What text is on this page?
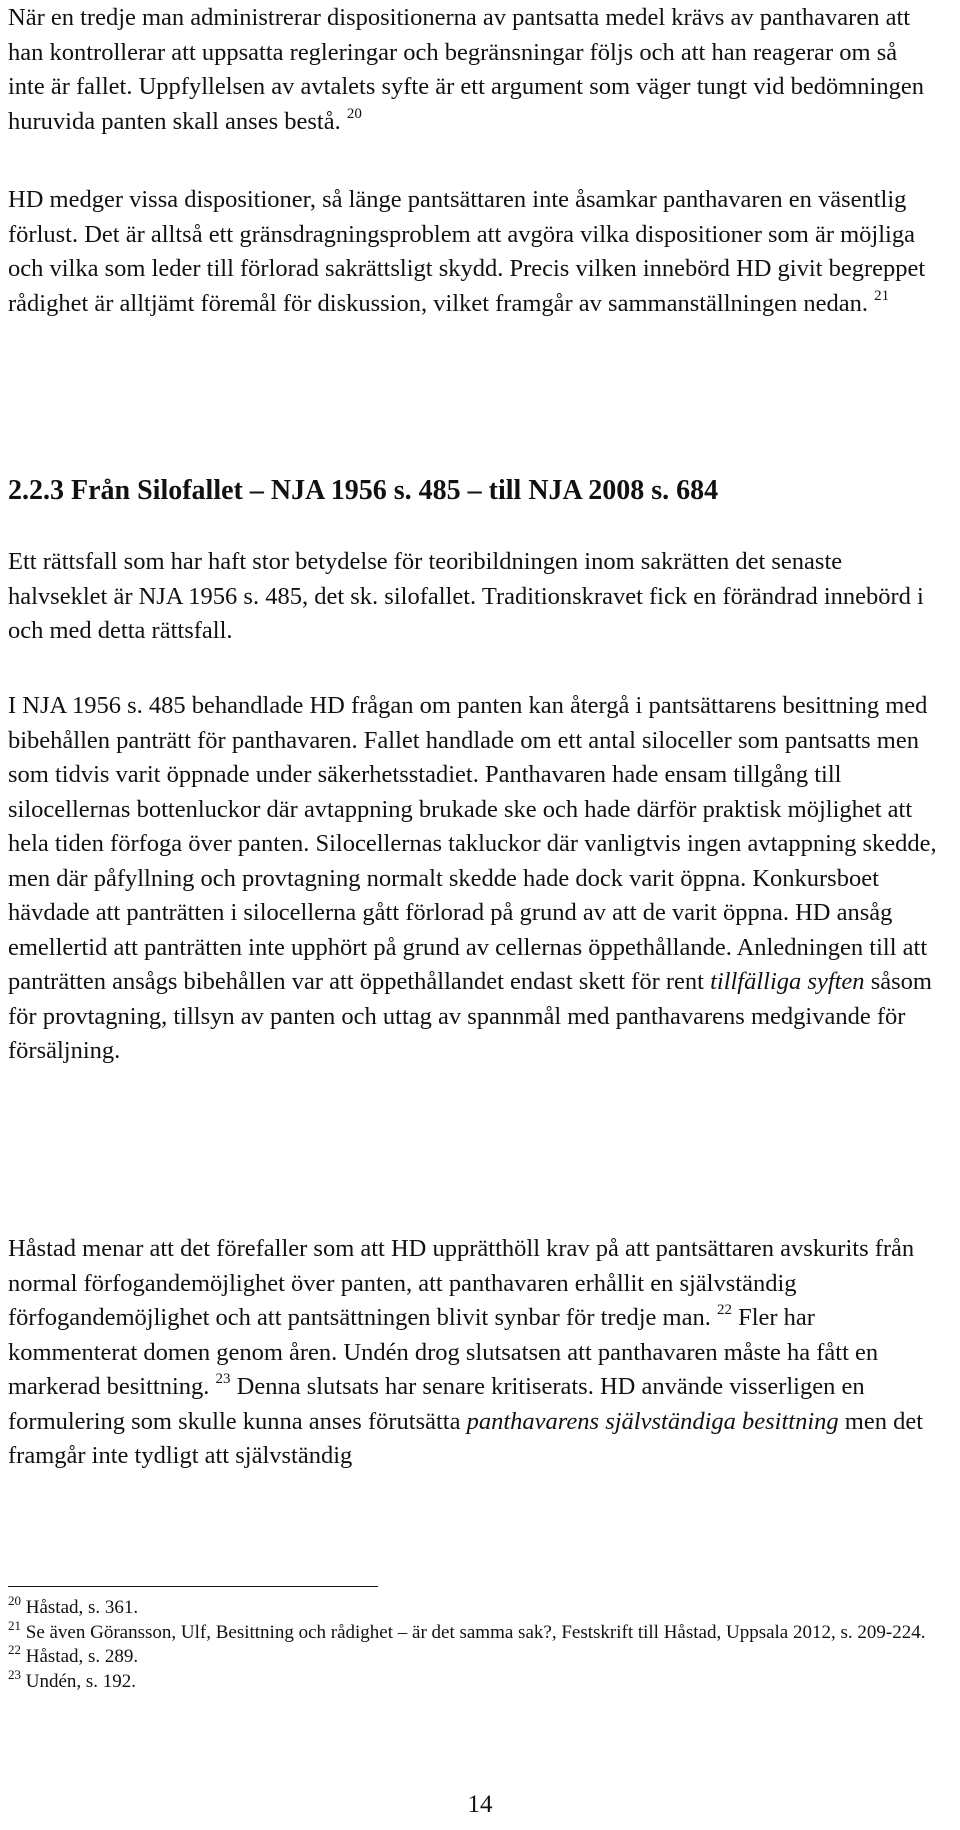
När en tredje man administrerar dispositionerna av pantsatta medel krävs av panthavaren att han kontrollerar att uppsatta regleringar och begränsningar följs och att han reagerar om så inte är fallet. Uppfyllelsen av avtalets syfte är ett argument som väger tungt vid bedömningen huruvida panten skall anses bestå. $^{20}$

HD medger vissa dispositioner, så länge pantsättaren inte åsamkar panthavaren en väsentlig förlust. Det är alltså ett gränsdragningsproblem att avgöra vilka dispositioner som är möjliga och vilka som leder till förlorad sakrättsligt skydd. Precis vilken innebörd HD givit begreppet rådighet är alltjämt föremål för diskussion, vilket framgår av sammanställningen nedan. $^{21}$

2.2.3 Från Silofallet – NJA 1956 s. 485 – till NJA 2008 s. 684

Ett rättsfall som har haft stor betydelse för teoribildningen inom sakrätten det senaste halvseklet är NJA 1956 s. 485, det sk. silofallet. Traditionskravet fick en förändrad innebörd i och med detta rättsfall.

I NJA 1956 s. 485 behandlade HD frågan om panten kan återgå i pantsättarens besittning med bibehållen panträtt för panthavaren. Fallet handlade om ett antal siloceller som pantsatts men som tidvis varit öppnade under säkerhetsstadiet. Panthavaren hade ensam tillgång till silocellernas bottenluckor där avtappning brukade ske och hade därför praktisk möjlighet att hela tiden förfoga över panten. Silocellernas takluckor där vanligtvis ingen avtappning skedde, men där påfyllning och provtagning normalt skedde hade dock varit öppna. Konkursboet hävdade att panträtten i silocellerna gått förlorad på grund av att de varit öppna. HD ansåg emellertid att panträtten inte upphört på grund av cellernas öppethållande. Anledningen till att panträtten ansågs bibehållen var att öppethållandet endast skett för rent tillfälliga syften såsom för provtagning, tillsyn av panten och uttag av spannmål med panthavarens medgivande för försäljning.

Håstad menar att det förefaller som att HD upprätthöll krav på att pantsättaren avskurits från normal förfogandemöjlighet över panten, att panthavaren erhållit en självständig förfogandemöjlighet och att pantsättningen blivit synbar för tredje man. $^{22}$ Fler har kommenterat domen genom åren. Undén drog slutsatsen att panthavaren måste ha fått en markerad besittning. $^{23}$ Denna slutsats har senare kritiserats. HD använde visserligen en formulering som skulle kunna anses förutsätta panthavarens självständiga besittning men det framgår inte tydligt att självständig

$^{20}$ Håstad, s. 361.

$^{21}$ Se även Göransson, Ulf, Besittning och rådighet – är det samma sak?, Festskrift till Håstad, Uppsala 2012, s. 209-224.

$^{22}$ Håstad, s. 289.

$^{23}$ Undén, s. 192.

14
